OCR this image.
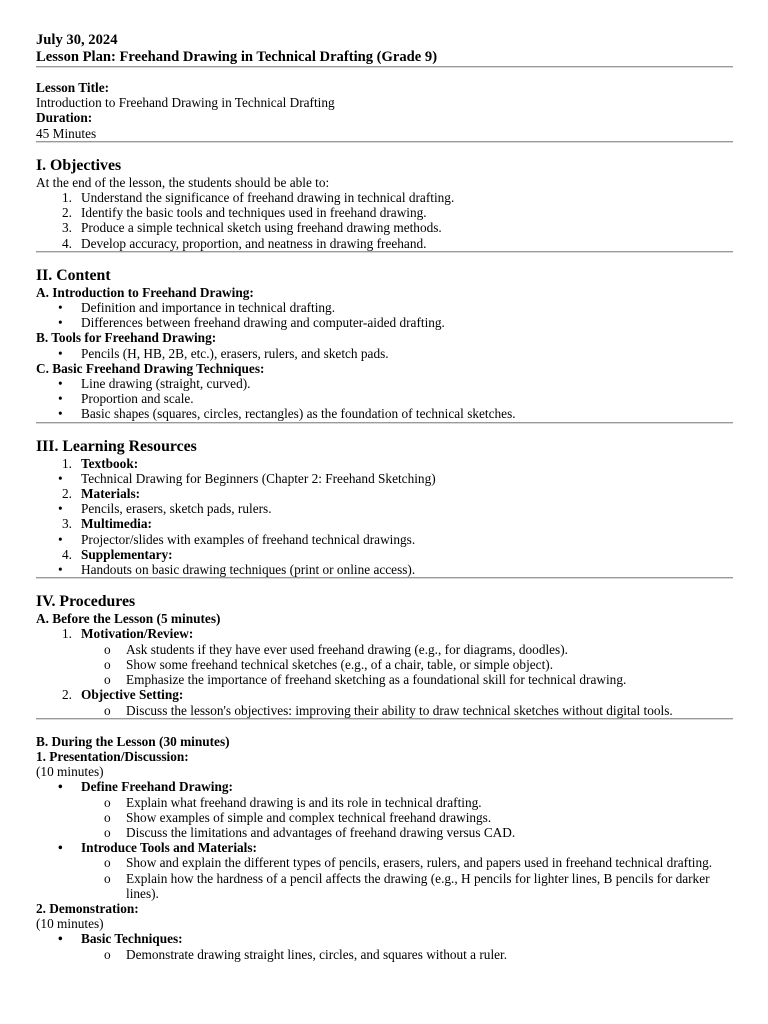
July 30, 2024
Lesson Plan: Freehand Drawing in Technical Drafting (Grade 9)
Lesson Title:
Introduction to Freehand Drawing in Technical Drafting
Duration:
45 Minutes
I. Objectives
At the end of the lesson, the students should be able to:
1. Understand the significance of freehand drawing in technical drafting.
2. Identify the basic tools and techniques used in freehand drawing.
3. Produce a simple technical sketch using freehand drawing methods.
4. Develop accuracy, proportion, and neatness in drawing freehand.
II. Content
A. Introduction to Freehand Drawing:
• Definition and importance in technical drafting.
• Differences between freehand drawing and computer-aided drafting.
B. Tools for Freehand Drawing:
• Pencils (H, HB, 2B, etc.), erasers, rulers, and sketch pads.
C. Basic Freehand Drawing Techniques:
• Line drawing (straight, curved).
• Proportion and scale.
• Basic shapes (squares, circles, rectangles) as the foundation of technical sketches.
III. Learning Resources
1. Textbook:
• Technical Drawing for Beginners (Chapter 2: Freehand Sketching)
2. Materials:
• Pencils, erasers, sketch pads, rulers.
3. Multimedia:
• Projector/slides with examples of freehand technical drawings.
4. Supplementary:
• Handouts on basic drawing techniques (print or online access).
IV. Procedures
A. Before the Lesson (5 minutes)
1. Motivation/Review:
o Ask students if they have ever used freehand drawing (e.g., for diagrams, doodles).
o Show some freehand technical sketches (e.g., of a chair, table, or simple object).
o Emphasize the importance of freehand sketching as a foundational skill for technical drawing.
2. Objective Setting:
o Discuss the lesson's objectives: improving their ability to draw technical sketches without digital tools.
B. During the Lesson (30 minutes)
1. Presentation/Discussion:
(10 minutes)
• Define Freehand Drawing:
o Explain what freehand drawing is and its role in technical drafting.
o Show examples of simple and complex technical freehand drawings.
o Discuss the limitations and advantages of freehand drawing versus CAD.
• Introduce Tools and Materials:
o Show and explain the different types of pencils, erasers, rulers, and papers used in freehand technical drafting.
o Explain how the hardness of a pencil affects the drawing (e.g., H pencils for lighter lines, B pencils for darker lines).
2. Demonstration:
(10 minutes)
• Basic Techniques:
o Demonstrate drawing straight lines, circles, and squares without a ruler.
